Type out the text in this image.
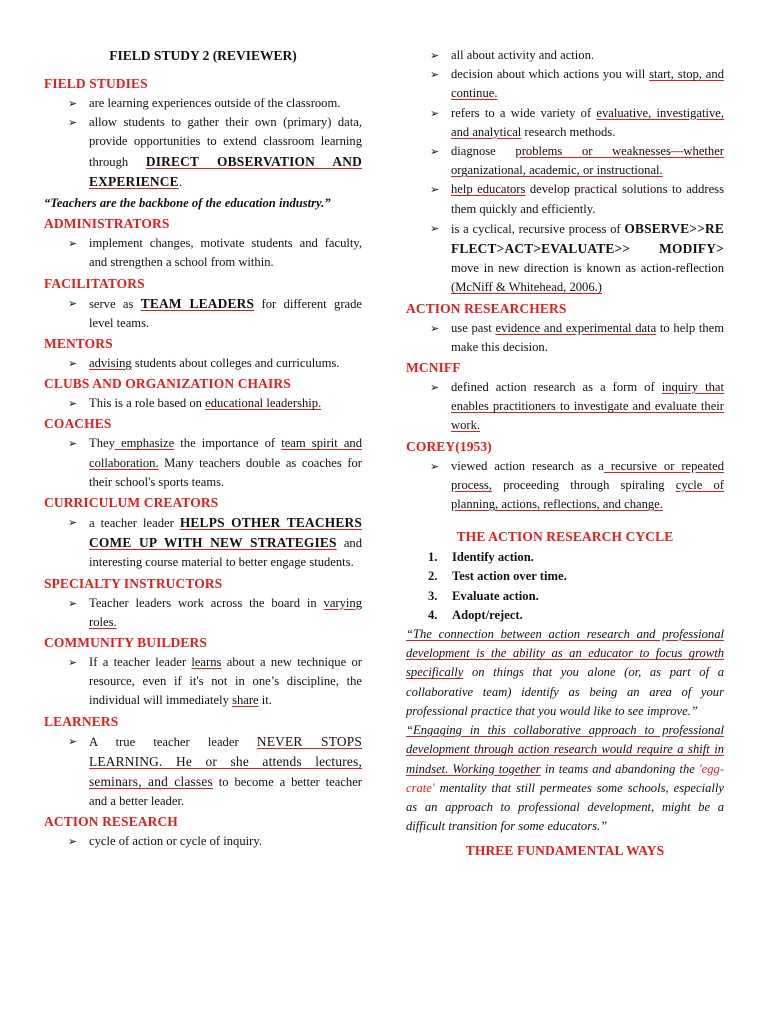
FIELD STUDY 2 (REVIEWER)
FIELD STUDIES
➢ are learning experiences outside of the classroom.
➢ allow students to gather their own (primary) data, provide opportunities to extend classroom learning through DIRECT OBSERVATION AND EXPERIENCE.

“Teachers are the backbone of the education industry.”

ADMINISTRATORS
➢ implement changes, motivate students and faculty, and strengthen a school from within.
FACILITATORS
➢ serve as TEAM LEADERS for different grade level teams.
MENTORS
➢ advising students about colleges and curriculums.
CLUBS AND ORGANIZATION CHAIRS
➢ This is a role based on educational leadership.
COACHES
➢ They emphasize the importance of team spirit and collaboration. Many teachers double as coaches for their school's sports teams.
CURRICULUM CREATORS
➢ a teacher leader HELPS OTHER TEACHERS COME UP WITH NEW STRATEGIES and interesting course material to better engage students.
SPECIALTY INSTRUCTORS
➢ Teacher leaders work across the board in varying roles.
COMMUNITY BUILDERS
➢ If a teacher leader learns about a new technique or resource, even if it's not in one’s discipline, the individual will immediately share it.
LEARNERS
➢ A true teacher leader NEVER STOPS LEARNING. He or she attends lectures, seminars, and classes to become a better teacher and a better leader.
ACTION RESEARCH
➢ cycle of action or cycle of inquiry.
➢ all about activity and action.
➢ decision about which actions you will start, stop, and continue.
➢ refers to a wide variety of evaluative, investigative, and analytical research methods.
➢ diagnose problems or weaknesses—whether organizational, academic, or instructional.
➢ help educators develop practical solutions to address them quickly and efficiently.
➢ is a cyclical, recursive process of OBSERVE>>REFLECT>ACT>EVALUATE>> MODIFY> move in new direction is known as action-reflection (McNiff & Whitehead, 2006.)
ACTION RESEARCHERS
➢ use past evidence and experimental data to help them make this decision.
MCNIFF
➢ defined action research as a form of inquiry that enables practitioners to investigate and evaluate their work.
COREY(1953)
➢ viewed action research as a recursive or repeated process, proceeding through spiraling cycle of planning, actions, reflections, and change.
THE ACTION RESEARCH CYCLE
1. Identify action.
2. Test action over time.
3. Evaluate action.
4. Adopt/reject.

“The connection between action research and professional development is the ability as an educator to focus growth specifically on things that you alone (or, as part of a collaborative team) identify as being an area of your professional practice that you would like to see improve.”

“Engaging in this collaborative approach to professional development through action research would require a shift in mindset. Working together in teams and abandoning the 'egg-crate' mentality that still permeates some schools, especially as an approach to professional development, might be a difficult transition for some educators.”

THREE FUNDAMENTAL WAYS
